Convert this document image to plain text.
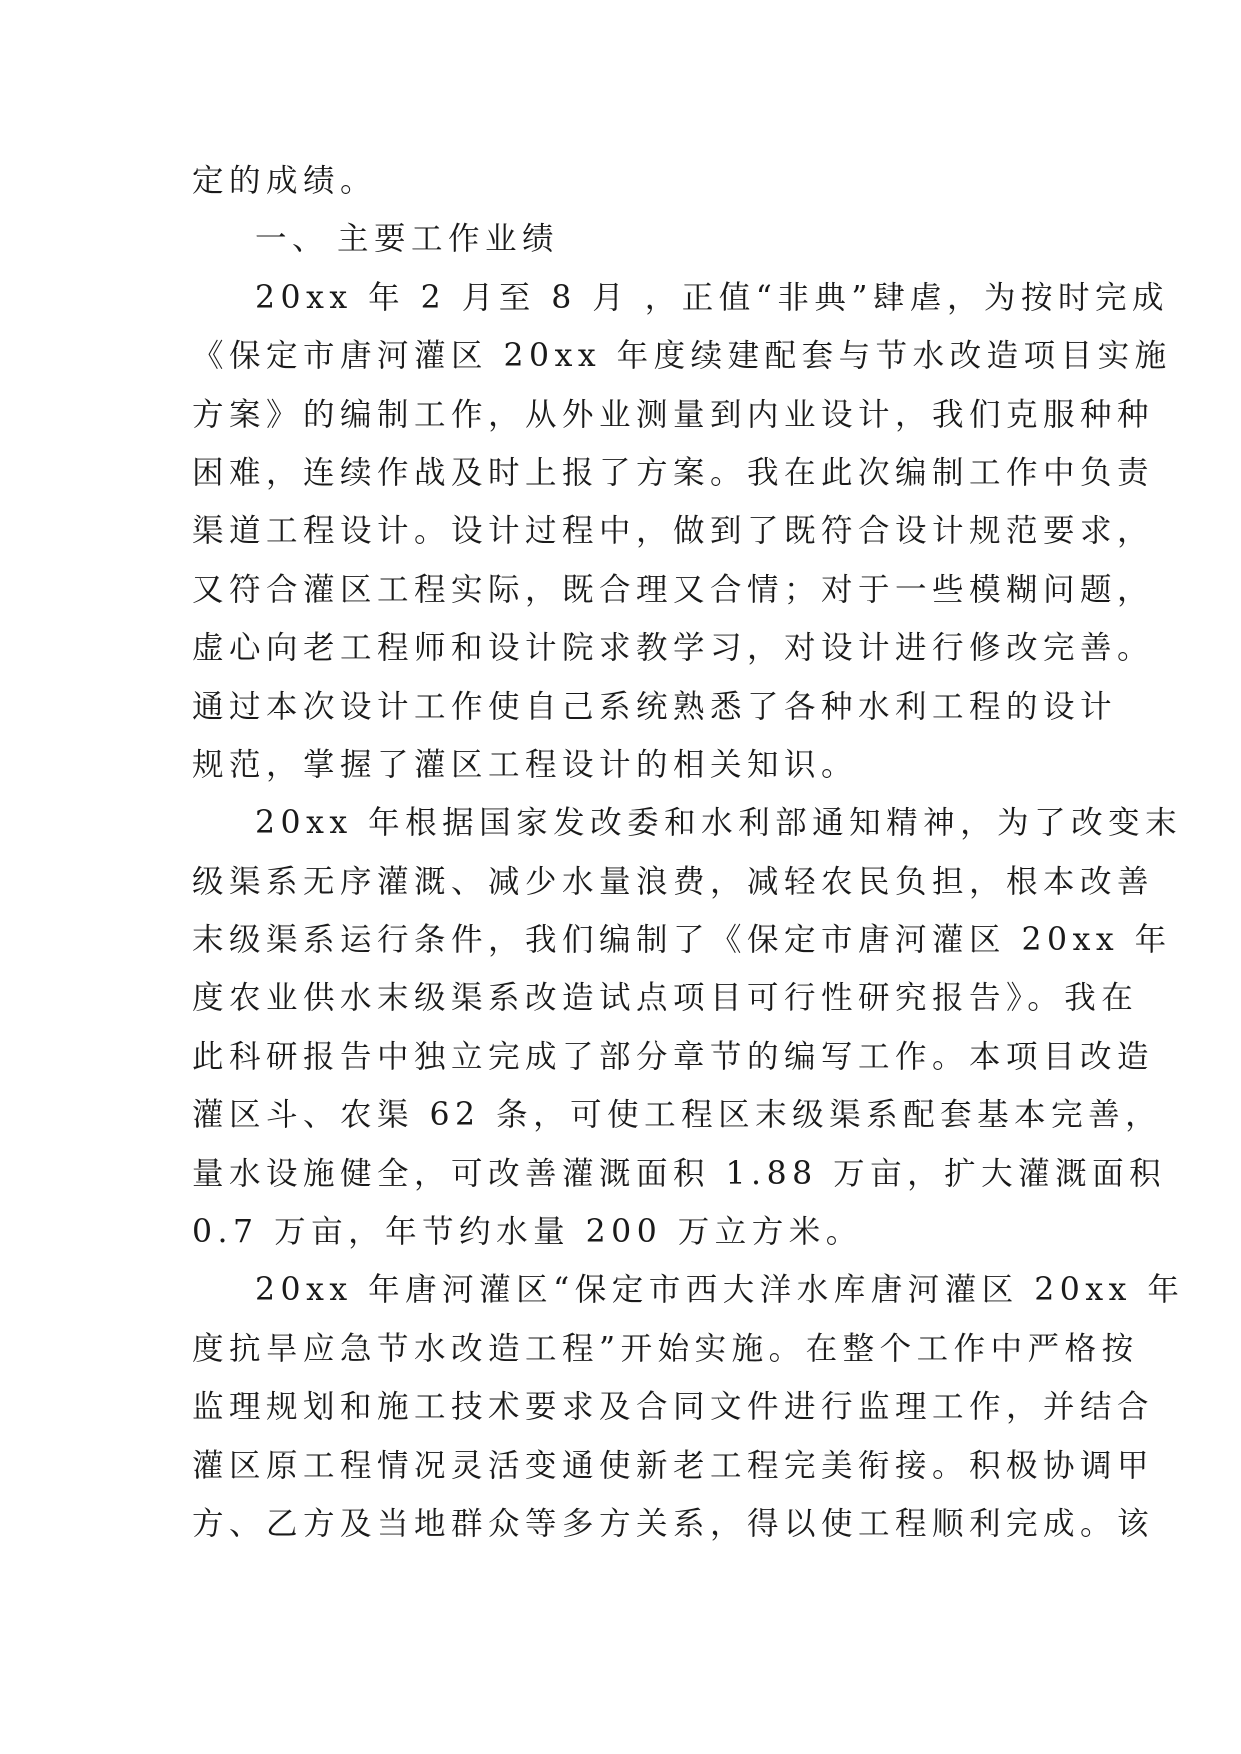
定的成绩。
一、 主要工作业绩
20xx 年 2 月至 8 月 ，正值“非典”肆虐，为按时完成
《保定市唐河灌区 20xx 年度续建配套与节水改造项目实施
方案》的编制工作，从外业测量到内业设计，我们克服种种
困难，连续作战及时上报了方案。我在此次编制工作中负责
渠道工程设计。设计过程中，做到了既符合设计规范要求，
又符合灌区工程实际，既合理又合情；对于一些模糊问题，
虚心向老工程师和设计院求教学习，对设计进行修改完善。
通过本次设计工作使自己系统熟悉了各种水利工程的设计
规范，掌握了灌区工程设计的相关知识。
20xx 年根据国家发改委和水利部通知精神，为了改变末
级渠系无序灌溉、减少水量浪费，减轻农民负担，根本改善
末级渠系运行条件，我们编制了《保定市唐河灌区 20xx 年
度农业供水末级渠系改造试点项目可行性研究报告》。我在
此科研报告中独立完成了部分章节的编写工作。本项目改造
灌区斗、农渠 62 条，可使工程区末级渠系配套基本完善，
量水设施健全，可改善灌溉面积 1.88 万亩，扩大灌溉面积
0.7 万亩，年节约水量 200 万立方米。
20xx 年唐河灌区“保定市西大洋水库唐河灌区 20xx 年
度抗旱应急节水改造工程”开始实施。在整个工作中严格按
监理规划和施工技术要求及合同文件进行监理工作，并结合
灌区原工程情况灵活变通使新老工程完美衔接。积极协调甲
方、乙方及当地群众等多方关系，得以使工程顺利完成。该
